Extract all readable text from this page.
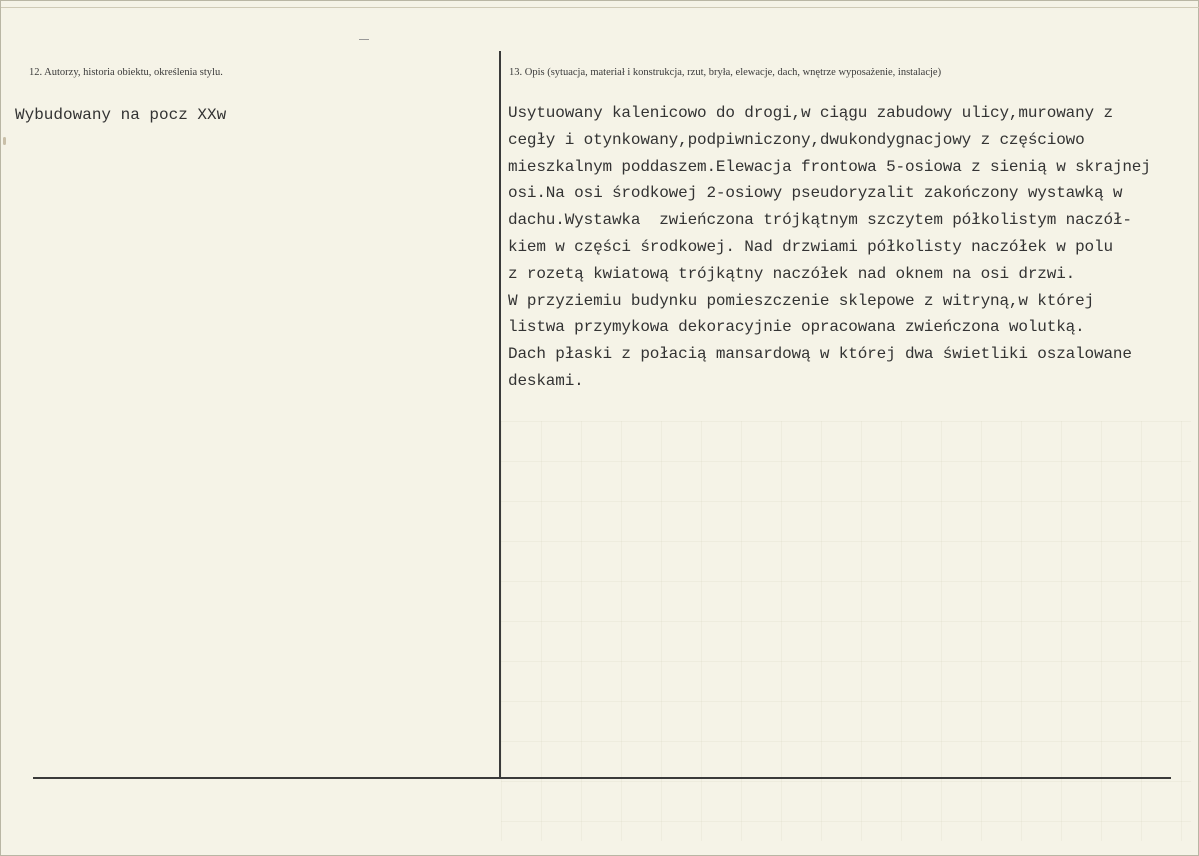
12. Autorzy, historia obiektu, określenia stylu.
Wybudowany na pocz XXw
13. Opis (sytuacja, materiał i konstrukcja, rzut, bryła, elewacje, dach, wnętrze wyposażenie, instalacje)
Usytuowany kalenicowo do drogi,w ciągu zabudowy ulicy,murowany z
cegły i otynkowany,podpiwniczony,dwukondygnacjowy z częściowo
mieszkalnym poddaszem.Elewacja frontowa 5-osiowa z sienią w skrajnej
osi.Na osi środkowej 2-osiowy pseudoryzalit zakończony wystawką w
dachu.Wystawka  zwieńczona trójkątnym szczytem półkolistym naczół-
kiem w części środkowej. Nad drzwiami półkolisty naczółek w polu
z rozetą kwiatową trójkątny naczółek nad oknem na osi drzwi.
W przyziemiu budynku pomieszczenie sklepowe z witryną,w której
listwa przymykowa dekoracyjnie opracowana zwieńczona wolutką.
Dach płaski z połacią mansardową w której dwa świetliki oszalowane
deskami.
